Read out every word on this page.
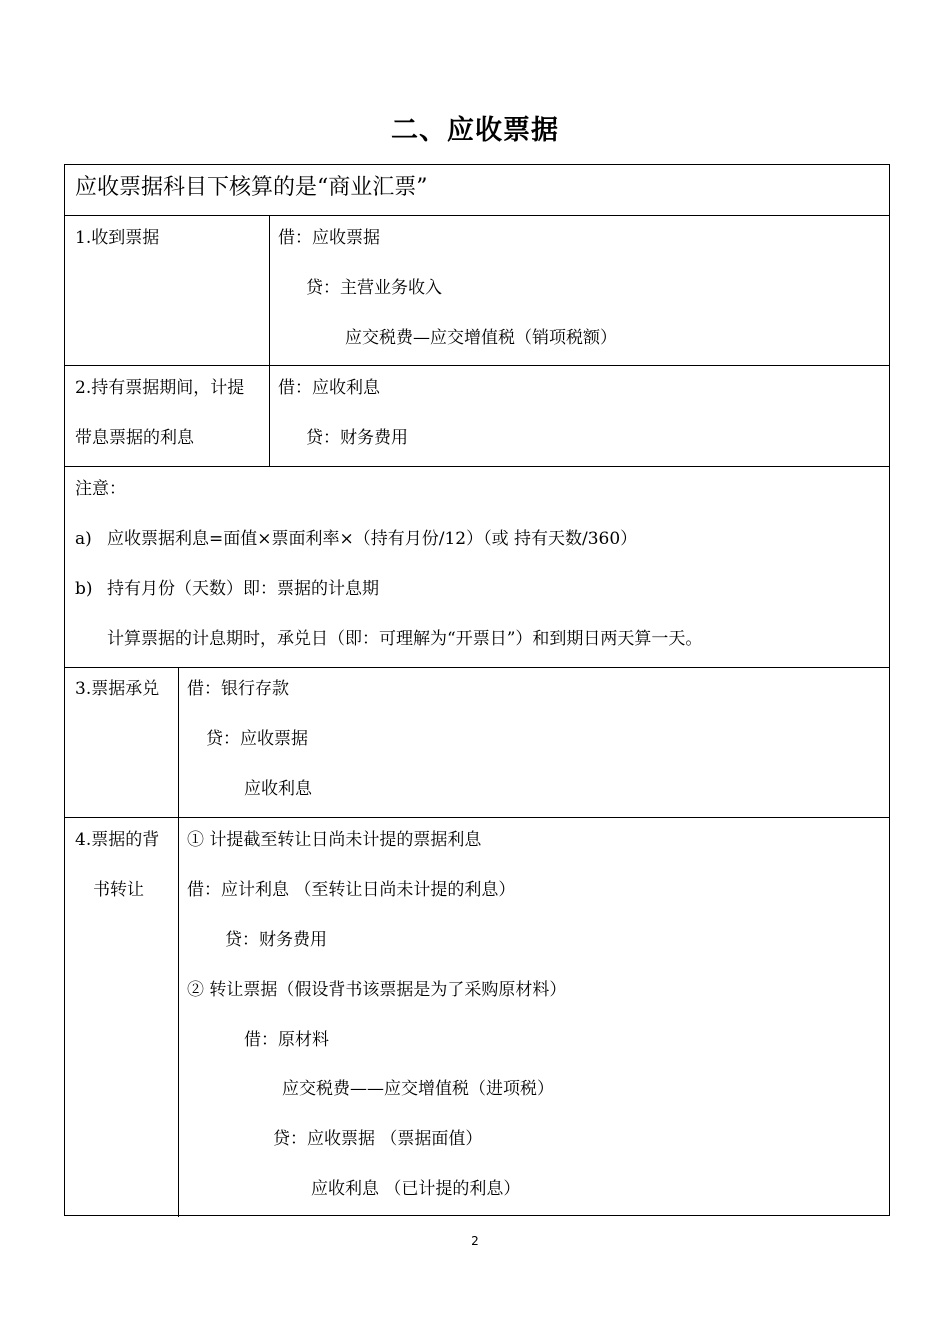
二、应收票据
应收票据科目下核算的是“商业汇票”
1.收到票据	借：应收票据
贷：主营业务收入
应交税费—应交增值税（销项税额）
2.持有票据期间，计提
带息票据的利息
借：应收利息
贷：财务费用
注意：
a) 应收票据利息=面值×票面利率×（持有月份/12）（或 持有天数/360）
b) 持有月份（天数）即：票据的计息期
计算票据的计息期时，承兑日（即：可理解为“开票日”）和到期日两天算一天。
3.票据承兑 借：银行存款
贷：应收票据
应收利息
4.票据的背
书转让
① 计提截至转让日尚未计提的票据利息
借：应计利息 （至转让日尚未计提的利息）
贷：财务费用
② 转让票据（假设背书该票据是为了采购原材料）
借：原材料
应交税费——应交增值税（进项税）
贷：应收票据 （票据面值）
应收利息 （已计提的利息）
2
